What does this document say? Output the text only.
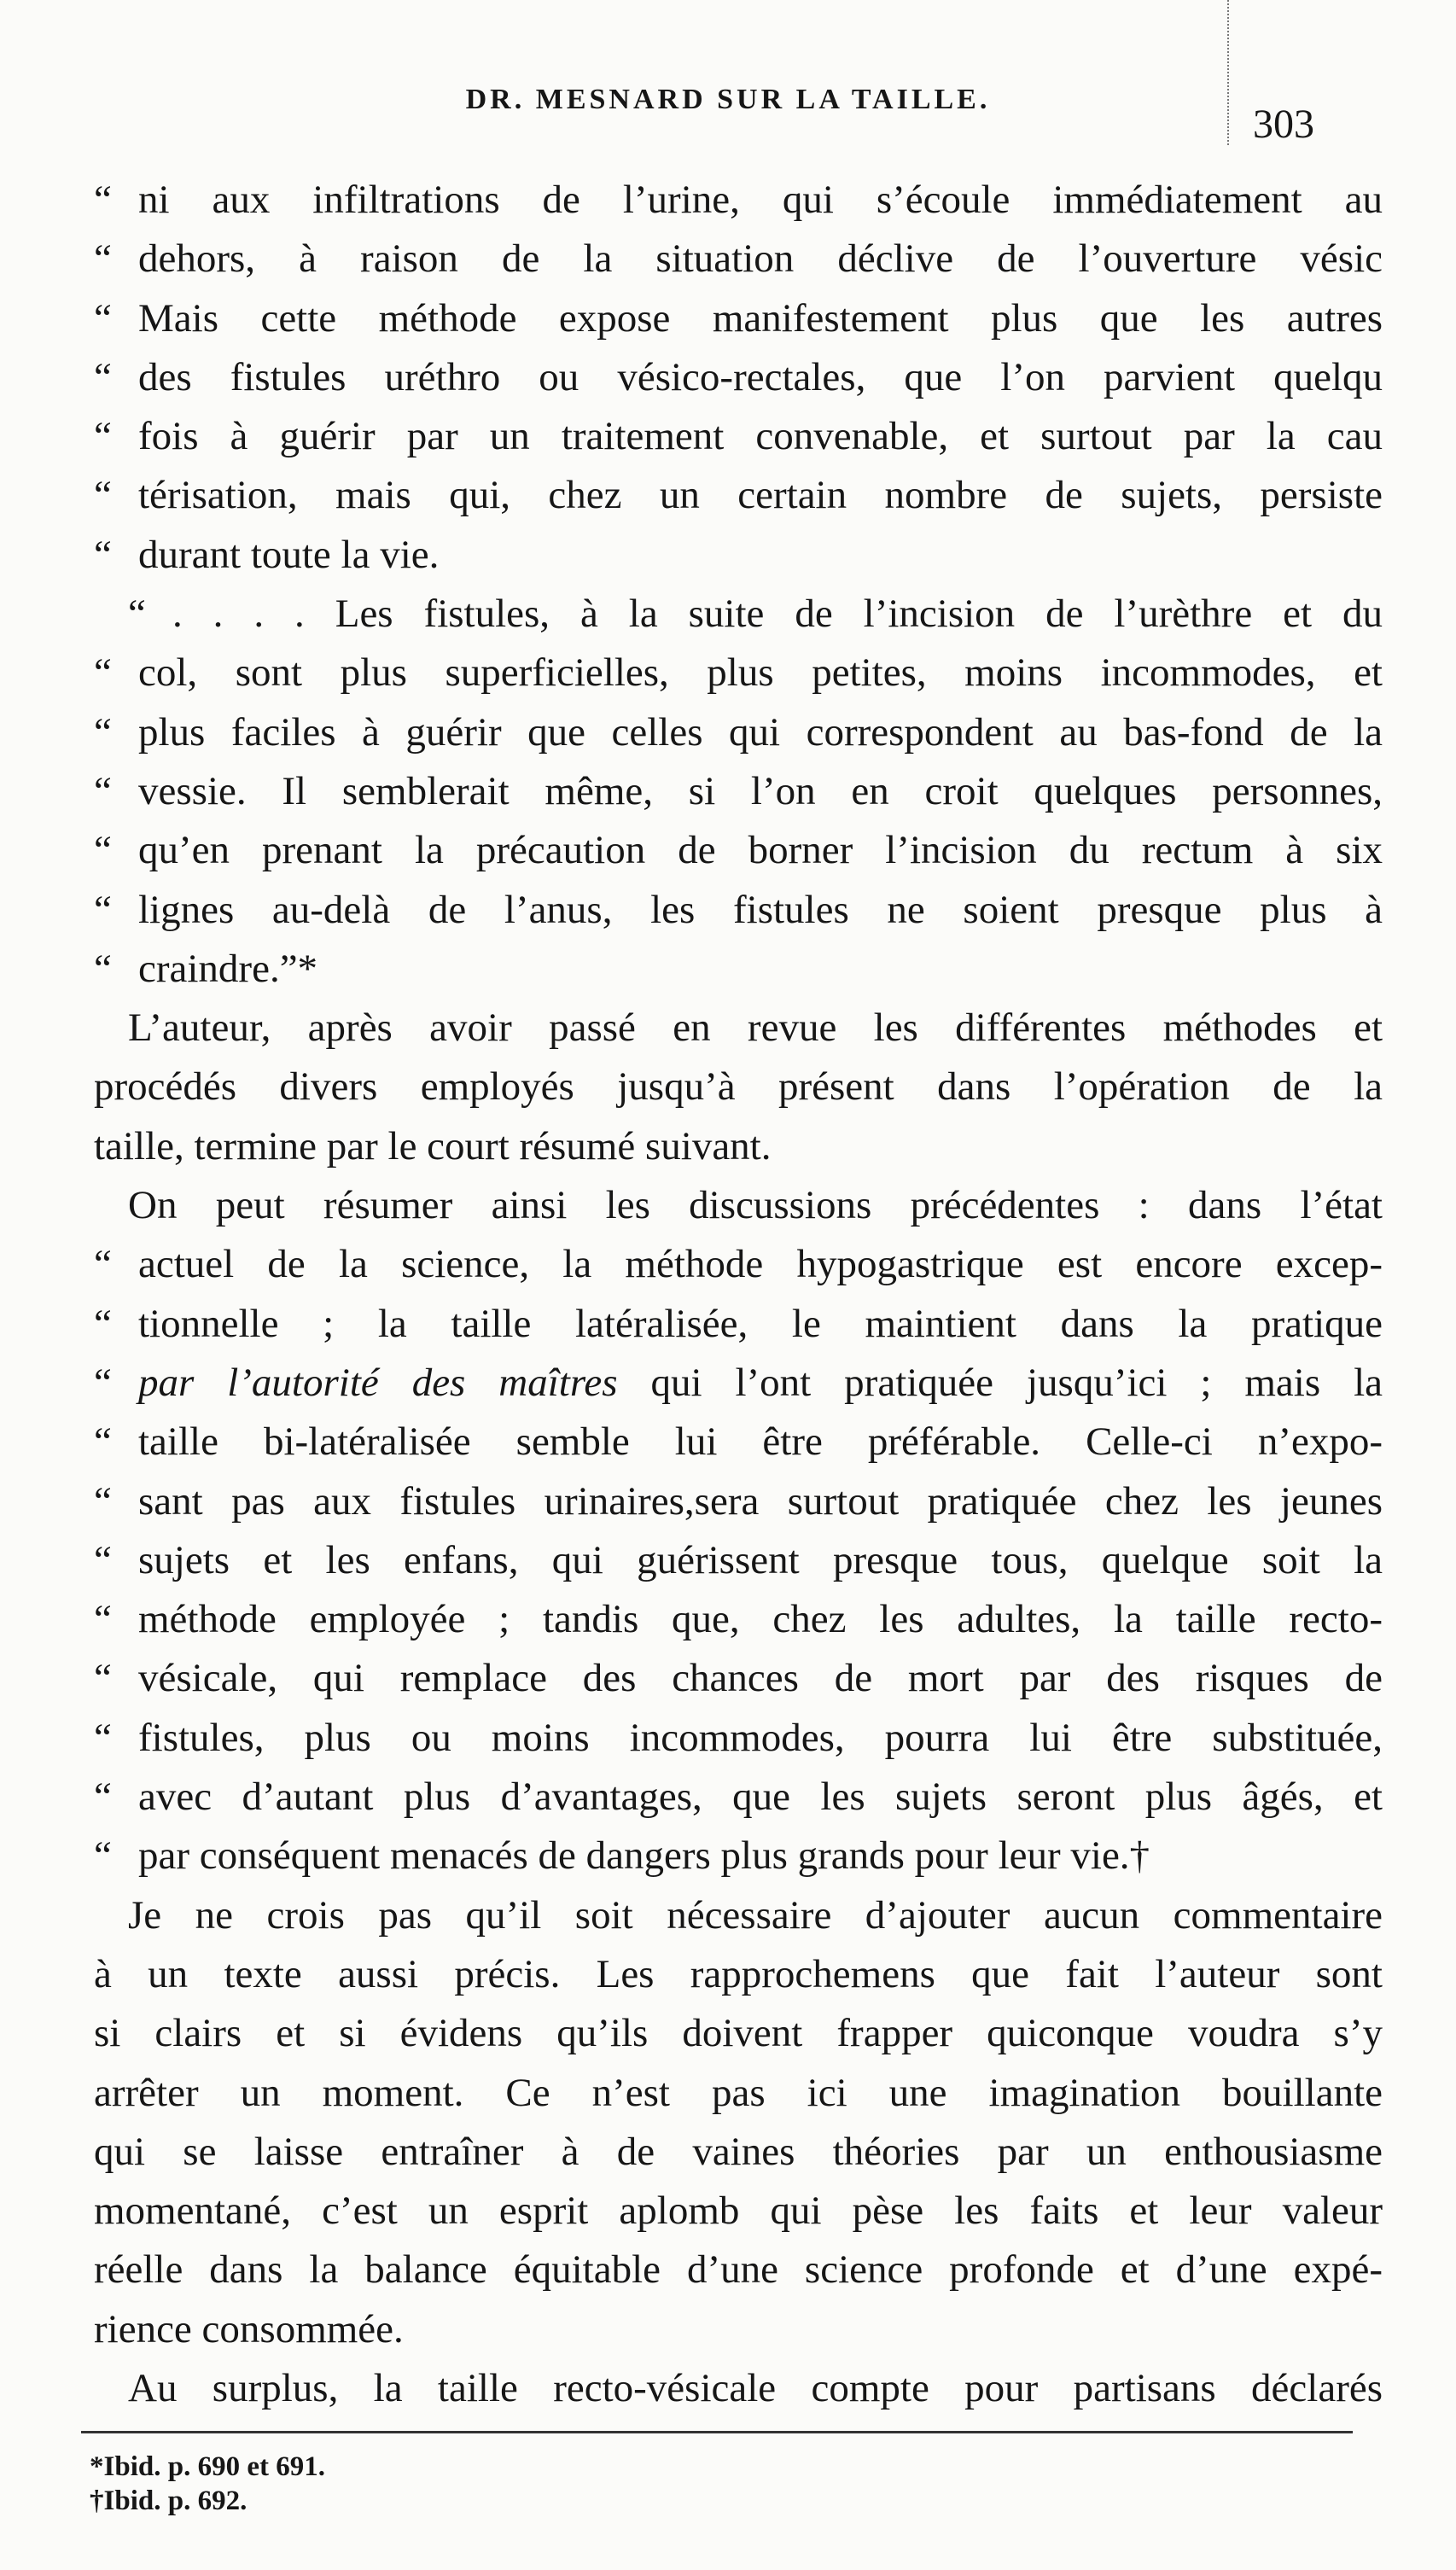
DR. MESNARD SUR LA TAILLE.
303
“ ni aux infiltrations de l’urine, qui s’écoule immédiatement au
“ dehors, à raison de la situation déclive de l’ouverture vésic
“ Mais cette méthode expose manifestement plus que les autres
“ des fistules uréthro ou vésico-rectales, que l’on parvient quelqu
“ fois à guérir par un traitement convenable, et surtout par la cau
“ térisation, mais qui, chez un certain nombre de sujets, persiste
“ durant toute la vie.
“ . . . . Les fistules, à la suite de l’incision de l’urèthre et du
“ col, sont plus superficielles, plus petites, moins incommodes, et
“ plus faciles à guérir que celles qui correspondent au bas-fond de la
“ vessie. Il semblerait même, si l’on en croit quelques personnes,
“ qu’en prenant la précaution de borner l’incision du rectum à six
“ lignes au-delà de l’anus, les fistules ne soient presque plus à
“ craindre.”*
L’auteur, après avoir passé en revue les différentes méthodes et
procédés divers employés jusqu’à présent dans l’opération de la
taille, termine par le court résumé suivant.
On peut résumer ainsi les discussions précédentes : dans l’état
“ actuel de la science, la méthode hypogastrique est encore excep-
“ tionnelle ; la taille latéralisée, le maintient dans la pratique
“ par l’autorité des maîtres qui l’ont pratiquée jusqu’ici ; mais la
“ taille bi-latéralisée semble lui être préférable. Celle-ci n’expo-
“ sant pas aux fistules urinaires,sera surtout pratiquée chez les jeunes
“ sujets et les enfans, qui guérissent presque tous, quelque soit la
“ méthode employée ; tandis que, chez les adultes, la taille recto-
“ vésicale, qui remplace des chances de mort par des risques de
“ fistules, plus ou moins incommodes, pourra lui être substituée,
“ avec d’autant plus d’avantages, que les sujets seront plus âgés, et
“ par conséquent menacés de dangers plus grands pour leur vie.†
Je ne crois pas qu’il soit nécessaire d’ajouter aucun commentaire
à un texte aussi précis. Les rapprochemens que fait l’auteur sont
si clairs et si évidens qu’ils doivent frapper quiconque voudra s’y
arrêter un moment. Ce n’est pas ici une imagination bouillante
qui se laisse entraîner à de vaines théories par un enthousiasme
momentané, c’est un esprit aplomb qui pèse les faits et leur valeur
réelle dans la balance équitable d’une science profonde et d’une expé-
rience consommée.
Au surplus, la taille recto-vésicale compte pour partisans déclarés
*Ibid. p. 690 et 691.
†Ibid. p. 692.
